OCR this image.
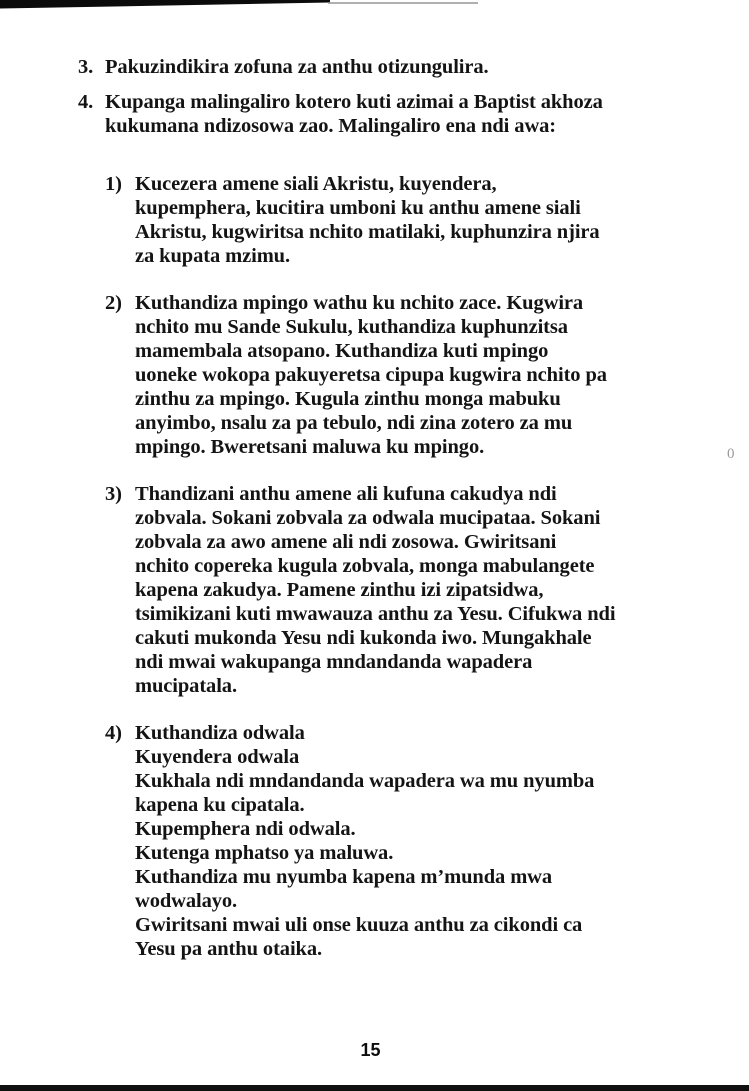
3. Pakuzindikira zofuna za anthu otizungulira.
4. Kupanga malingaliro kotero kuti azimai a Baptist akhoza
kukumana ndizosowa zao. Malingaliro ena ndi awa:
1) Kucezera amene siali Akristu, kuyendera,
kupemphera, kucitira umboni ku anthu amene siali
Akristu, kugwiritsa nchito matilaki, kuphunzira njira
za kupata mzimu.
2) Kuthandiza mpingo wathu ku nchito zace. Kugwira
nchito mu Sande Sukulu, kuthandiza kuphunzitsa
mamembala atsopano. Kuthandiza kuti mpingo
uoneke wokopa pakuyeretsa cipupa kugwira nchito pa
zinthu za mpingo. Kugula zinthu monga mabuku
anyimbo, nsalu za pa tebulo, ndi zina zotero za mu
mpingo. Bweretsani maluwa ku mpingo.
3) Thandizani anthu amene ali kufuna cakudya ndi
zobvala. Sokani zobvala za odwala mucipataa. Sokani
zobvala za awo amene ali ndi zosowa. Gwiritsani
nchito copereka kugula zobvala, monga mabulangete
kapena zakudya. Pamene zinthu izi zipatsidwa,
tsimikizani kuti mwawauza anthu za Yesu. Cifukwa ndi
cakuti mukonda Yesu ndi kukonda iwo. Mungakhale
ndi mwai wakupanga mndandanda wapadera
mucipatala.
4) Kuthandiza odwala
Kuyendera odwala
Kukhala ndi mndandanda wapadera wa mu nyumba
kapena ku cipatala.
Kupemphera ndi odwala.
Kutenga mphatso ya maluwa.
Kuthandiza mu nyumba kapena m’munda mwa
wodwalayo.
Gwiritsani mwai uli onse kuuza anthu za cikondi ca
Yesu pa anthu otaika.
0
15
